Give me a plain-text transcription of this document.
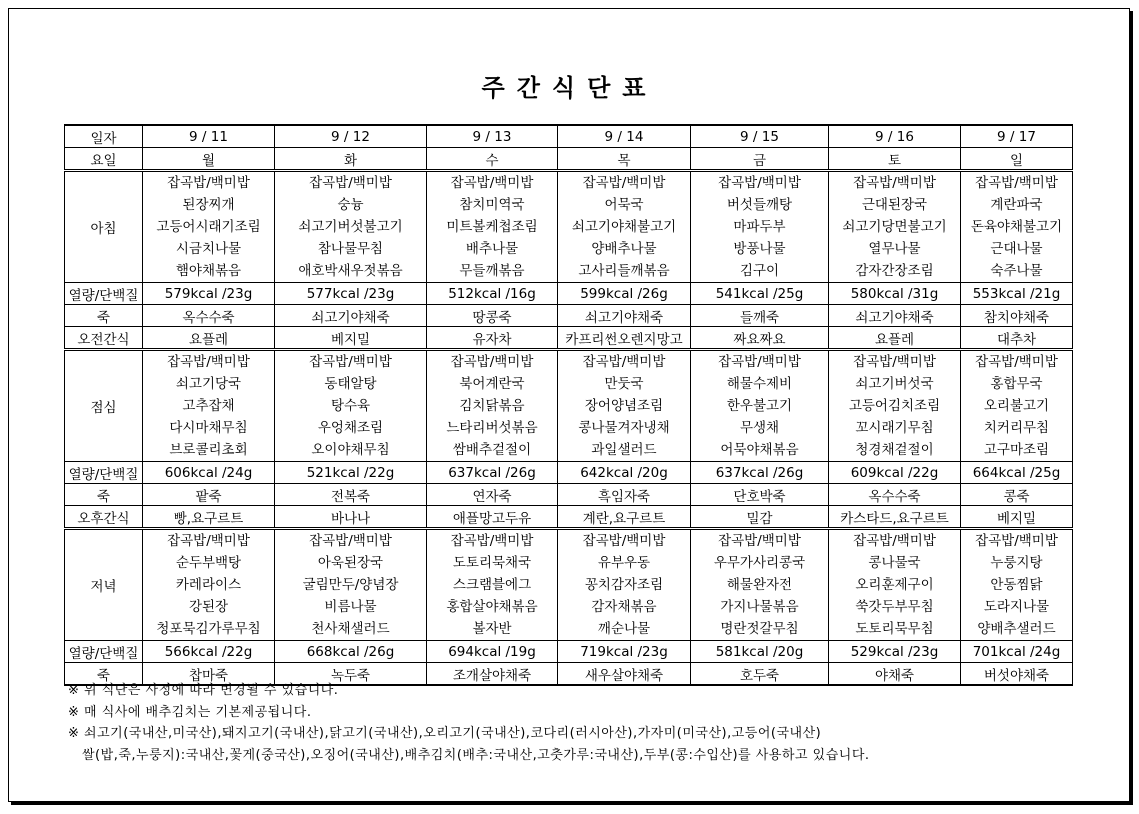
주간식단표
일자	9 / 11	9 / 12	9 / 13	9 / 14	9 / 15	9 / 16	9 / 17
요일	월	화	수	목	금	토	일
아침	잡곡밥/백미밥
된장찌개
고등어시래기조림
시금치나물
햄야채볶음	잡곡밥/백미밥
숭늉
쇠고기버섯불고기
참나물무침
애호박새우젓볶음	잡곡밥/백미밥
참치미역국
미트볼케첩조림
배추나물
무들깨볶음	잡곡밥/백미밥
어묵국
쇠고기야채불고기
양배추나물
고사리들깨볶음	잡곡밥/백미밥
버섯들깨탕
마파두부
방풍나물
김구이	잡곡밥/백미밥
근대된장국
쇠고기당면불고기
열무나물
감자간장조림	잡곡밥/백미밥
계란파국
돈육야채불고기
근대나물
숙주나물

열량/단백질	579kcal /23g	577kcal /23g	512kcal /16g	599kcal /26g	541kcal /25g	580kcal /31g	553kcal /21g
죽	옥수수죽	쇠고기야채죽	땅콩죽	쇠고기야채죽	들깨죽	쇠고기야채죽	참치야채죽
오전간식	요플레	베지밀	유자차	카프리썬오렌지망고	짜요짜요	요플레	대추차
점심	잡곡밥/백미밥
쇠고기당국
고추잡채
다시마채무침
브로콜리초회	잡곡밥/백미밥
동태알탕
탕수육
우엉채조림
오이야채무침	잡곡밥/백미밥
북어계란국
김치닭볶음
느타리버섯볶음
쌈배추겉절이	잡곡밥/백미밥
만둣국
장어양념조림
콩나물겨자냉채
과일샐러드	잡곡밥/백미밥
해물수제비
한우불고기
무생채
어묵야채볶음	잡곡밥/백미밥
쇠고기버섯국
고등어김치조림
꼬시래기무침
청경채겉절이	잡곡밥/백미밥
홍합무국
오리불고기
치커리무침
고구마조림

열량/단백질	606kcal /24g	521kcal /22g	637kcal /26g	642kcal /20g	637kcal /26g	609kcal /22g	664kcal /25g
죽	팥죽	전복죽	연자죽	흑임자죽	단호박죽	옥수수죽	콩죽
오후간식	빵,요구르트	바나나	애플망고두유	계란,요구르트	밀감	카스타드,요구르트	베지밀
저녁	잡곡밥/백미밥
순두부백탕
카레라이스
강된장
청포묵김가루무침	잡곡밥/백미밥
아욱된장국
굴림만두/양념장
비름나물
천사채샐러드	잡곡밥/백미밥
도토리묵채국
스크램블에그
홍합살야채볶음
볼자반	잡곡밥/백미밥
유부우동
꽁치감자조림
감자채볶음
깨순나물	잡곡밥/백미밥
우무가사리콩국
해물완자전
가지나물볶음
명란젓갈무침	잡곡밥/백미밥
콩나물국
오리훈제구이
쑥갓두부무침
도토리묵무침	잡곡밥/백미밥
누룽지탕
안동찜닭
도라지나물
양배추샐러드

열량/단백질	566kcal /22g	668kcal /26g	694kcal /19g	719kcal /23g	581kcal /20g	529kcal /23g	701kcal /24g
죽	찹마죽	녹두죽	조개살야채죽	새우살야채죽	호두죽	야채죽	버섯야채죽
※ 위 식단은 사정에 따라 변경될 수 있습니다.
※ 매 식사에 배추김치는 기본제공됩니다.
※ 쇠고기(국내산,미국산),돼지고기(국내산),닭고기(국내산),오리고기(국내산),코다리(러시아산),가자미(미국산),고등어(국내산)
쌀(밥,죽,누룽지):국내산,꽃게(중국산),오징어(국내산),배추김치(배추:국내산,고춧가루:국내산),두부(콩:수입산)를 사용하고 있습니다.
